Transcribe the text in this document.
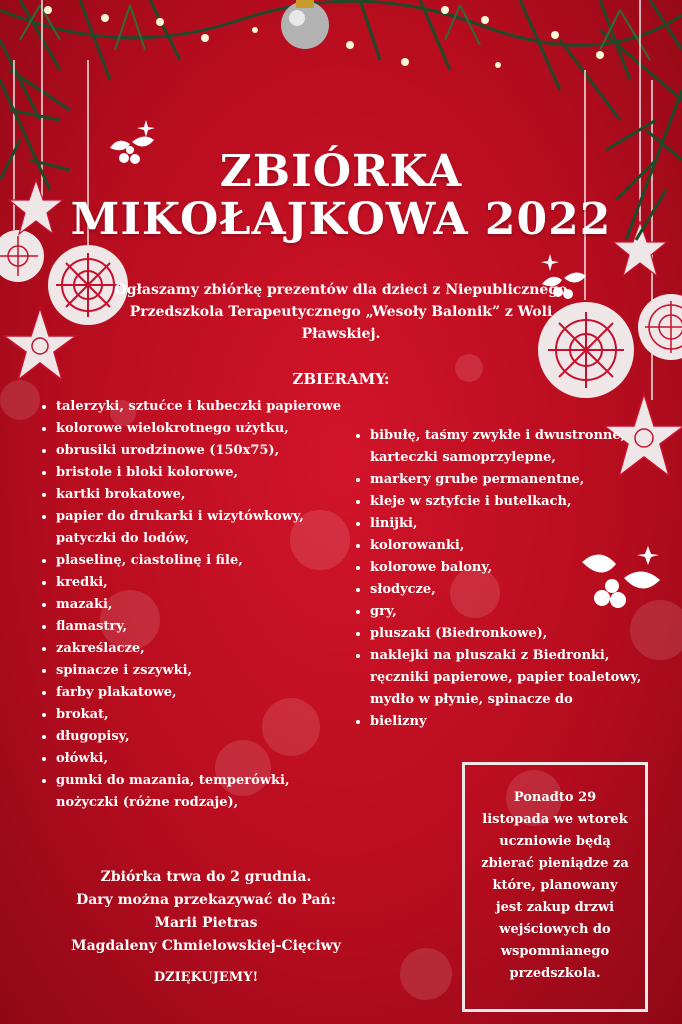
ZBIÓRKA
MIKOŁAJKOWA 2022
Ogłaszamy zbiórkę prezentów dla dzieci z Niepublicznego Przedszkola Terapeutycznego „Wesoły Balonik” z Woli Pławskiej.
ZBIERAMY:
• talerzyki, sztućce i kubeczki papierowe
• kolorowe wielokrotnego użytku,
• obrusiki urodzinowe (150x75),
• bristole i bloki kolorowe,
• kartki brokatowe,
• papier do drukarki i wizytówkowy, patyczki do lodów,
• plaselinę, ciastolinę i file,
• kredki,
• mazaki,
• flamastry,
• zakreślacze,
• spinacze i zszywki,
• farby plakatowe,
• brokat,
• długopisy,
• ołówki,
• gumki do mazania, temperówki, nożyczki (różne rodzaje),
• bibułę, taśmy zwykłe i dwustronne, karteczki samoprzylepne,
• markery grube permanentne,
• kleje w sztyfcie i butelkach,
• linijki,
• kolorowanki,
• kolorowe balony,
• słodycze,
• gry,
• pluszaki (Biedronkowe),
• naklejki na pluszaki z Biedronki, ręczniki papierowe, papier toaletowy, mydło w płynie, spinacze do
• bielizny
Zbiórka trwa do 2 grudnia.
Dary można przekazywać do Pań:
Marii Pietras
Magdaleny Chmielowskiej-Cięciwy
DZIĘKUJEMY!
Ponadto 29 listopada we wtorek uczniowie będą zbierać pieniądze za które, planowany jest zakup drzwi wejściowych do wspomnianego przedszkola.
